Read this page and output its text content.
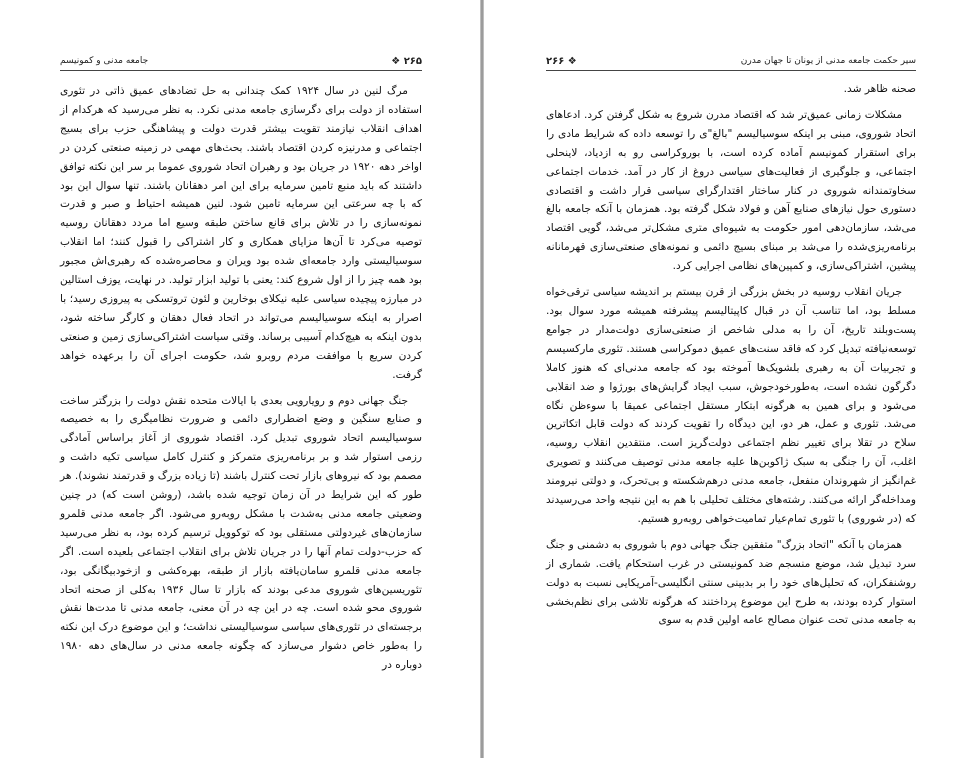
۲۶۵ ❖
جامعه مدنی و کمونیسم

مرگ لنین در سال ۱۹۲۴ کمک چندانی به حل تضادهای عمیق ذاتی در تئوری استفاده از دولت برای دگرسازی جامعه مدنی نکرد. به نظر می‌رسید که هرکدام از اهداف انقلاب نیازمند تقویت بیشتر قدرت دولت و پیشاهنگی حزب برای بسیج اجتماعی و مدرنیزه کردن اقتصاد باشند. بحث‌های مهمی در زمینه صنعتی کردن در اواخر دهه ۱۹۲۰ در جریان بود و رهبران اتحاد شوروی عموما بر سر این نکته توافق داشتند که باید منبع تامین سرمایه برای این امر دهقانان باشند. تنها سوال این بود که با چه سرعتی این سرمایه تامین شود. لنین همیشه احتیاط و صبر و قدرت نمونه‌سازی را در تلاش برای قانع ساختن طبقه وسیع اما مردد دهقانان روسیه توصیه می‌کرد تا آن‌ها مزایای همکاری و کار اشتراکی را قبول کنند؛ اما انقلاب سوسیالیستی وارد جامعه‌ای شده بود ویران و محاصره‌شده که رهبری‌اش مجبور بود همه چیز را از اول شروع کند: یعنی با تولید ابزار تولید. در نهایت، یوزف استالین در مبارزه پیچیده سیاسی علیه نیکلای بوخارین و لئون تروتسکی به پیروزی رسید؛ با اصرار به اینکه سوسیالیسم می‌تواند در اتحاد فعال دهقان و کارگر ساخته شود، بدون اینکه به هیچ‌کدام آسیبی برساند. وقتی سیاست اشتراکی‌سازی زمین و صنعتی کردن سریع با موافقت مردم روبرو شد، حکومت اجرای آن را برعهده خواهد گرفت.

جنگ جهانی دوم و رویارویی بعدی با ایالات متحده نقش دولت را بزرگتر ساخت و صنایع سنگین و وضع اضطراری دائمی و ضرورت نظامیگری را به خصیصه سوسیالیسم اتحاد شوروی تبدیل کرد. اقتصاد شوروی از آغاز براساس آمادگی رزمی استوار شد و بر برنامه‌ریزی متمرکز و کنترل کامل سیاسی تکیه داشت و مصمم بود که نیروهای بازار تحت کنترل باشند (تا زیاده بزرگ و قدرتمند نشوند). هر طور که این شرایط در آن زمان توجیه شده باشد، (روشن است که) در چنین وضعیتی جامعه مدنی به‌شدت با مشکل روبه‌رو می‌شود. اگر جامعه مدنی قلمرو سازمان‌های غیردولتی مستقلی بود که توکوویل ترسیم کرده بود، به نظر می‌رسید که حزب-دولت تمام آنها را در جریان تلاش برای انقلاب اجتماعی بلعیده است. اگر جامعه مدنی قلمرو سامان‌یافته بازار از طبقه، بهره‌کشی و ازخودبیگانگی بود، تئوریسین‌های شوروی مدعی بودند که بازار تا سال ۱۹۳۶ به‌کلی از صحنه اتحاد شوروی محو شده است. چه در این چه در آن معنی، جامعه مدنی تا مدت‌ها نقش برجسته‌ای در تئوری‌های سیاسی سوسیالیستی نداشت؛ و این موضوع درک این نکته را به‌طور خاص دشوار می‌سازد که چگونه جامعه مدنی در سال‌های دهه ۱۹۸۰ دوباره در

سیر حکمت جامعه مدنی از یونان تا جهان مدرن
❖ ۲۶۶

صحنه ظاهر شد.

مشکلات زمانی عمیق‌تر شد که اقتصاد مدرن شروع به شکل گرفتن کرد. ادعاهای اتحاد شوروی، مبنی بر اینکه سوسیالیسم "بالغ"ی را توسعه داده که شرایط مادی را برای استقرار کمونیسم آماده کرده است، با بوروکراسی رو به ازدیاد، لاینحلی اجتماعی، و جلوگیری از فعالیت‌های سیاسی دروغ از کار در آمد. خدمات اجتماعی سخاوتمندانه شوروی در کنار ساختار اقتدارگرای سیاسی قرار داشت و اقتصادی دستوری حول نیازهای صنایع آهن و فولاد شکل گرفته بود. همزمان با آنکه جامعه بالغ می‌شد، سازمان‌دهی امور حکومت به شیوه‌ای متری مشکل‌تر می‌شد، گویی اقتصاد برنامه‌ریزی‌شده را می‌شد بر مبنای بسیج دائمی و نمونه‌های صنعتی‌سازی قهرمانانه پیشین، اشتراکی‌سازی، و کمپین‌های نظامی اجرایی کرد.

جریان انقلاب روسیه در بخش بزرگی از قرن بیستم بر اندیشه سیاسی ترقی‌خواه مسلط بود، اما تناسب آن در قبال کاپیتالیسم پیشرفته همیشه مورد سوال بود. پست‌وبلند تاریخ، آن را به مدلی شاخص از صنعتی‌سازی دولت‌مدار در جوامع توسعه‌نیافته تبدیل کرد که فاقد سنت‌های عمیق دموکراسی هستند. تئوری مارکسیسم و تجربیات آن به رهبری بلشویک‌ها آموخته بود که جامعه مدنی‌ای که هنوز کاملا دگرگون نشده است، به‌طورخودجوش، سبب ایجاد گرایش‌های بورژوا و ضد انقلابی می‌شود و برای همین به هرگونه ابتکار مستقل اجتماعی عمیقا با سوءظن نگاه می‌شد. تئوری و عمل، هر دو، این دیدگاه را تقویت کردند که دولت قابل اتکاترین سلاح در تقلا برای تغییر نظم اجتماعی دولت‌گریز است. منتقدین انقلاب روسیه، اغلب، آن را جنگی به سبک ژاکوبن‌ها علیه جامعه مدنی توصیف می‌کنند و تصویری غم‌انگیز از شهروندان منفعل، جامعه مدنی درهم‌شکسته و بی‌تحرک، و دولتی نیرومند ومداخله‌گر ارائه می‌کنند. رشته‌های مختلف تحلیلی با هم به این نتیجه واحد می‌رسیدند که (در شوروی) با تئوری تمام‌عیار تمامیت‌خواهی روبه‌رو هستیم.

همزمان با آنکه "اتحاد بزرگ" متفقین جنگ جهانی دوم با شوروی به دشمنی و جنگ سرد تبدیل شد، موضع منسجم ضد کمونیستی در غرب استحکام یافت. شماری از روشنفکران، که تحلیل‌های خود را بر بدبینی سنتی انگلیسی-آمریکایی نسبت به دولت استوار کرده بودند، به طرح این موضوع پرداختند که هرگونه تلاشی برای نظم‌بخشی به جامعه مدنی تحت عنوان مصالح عامه اولین قدم به سوی
